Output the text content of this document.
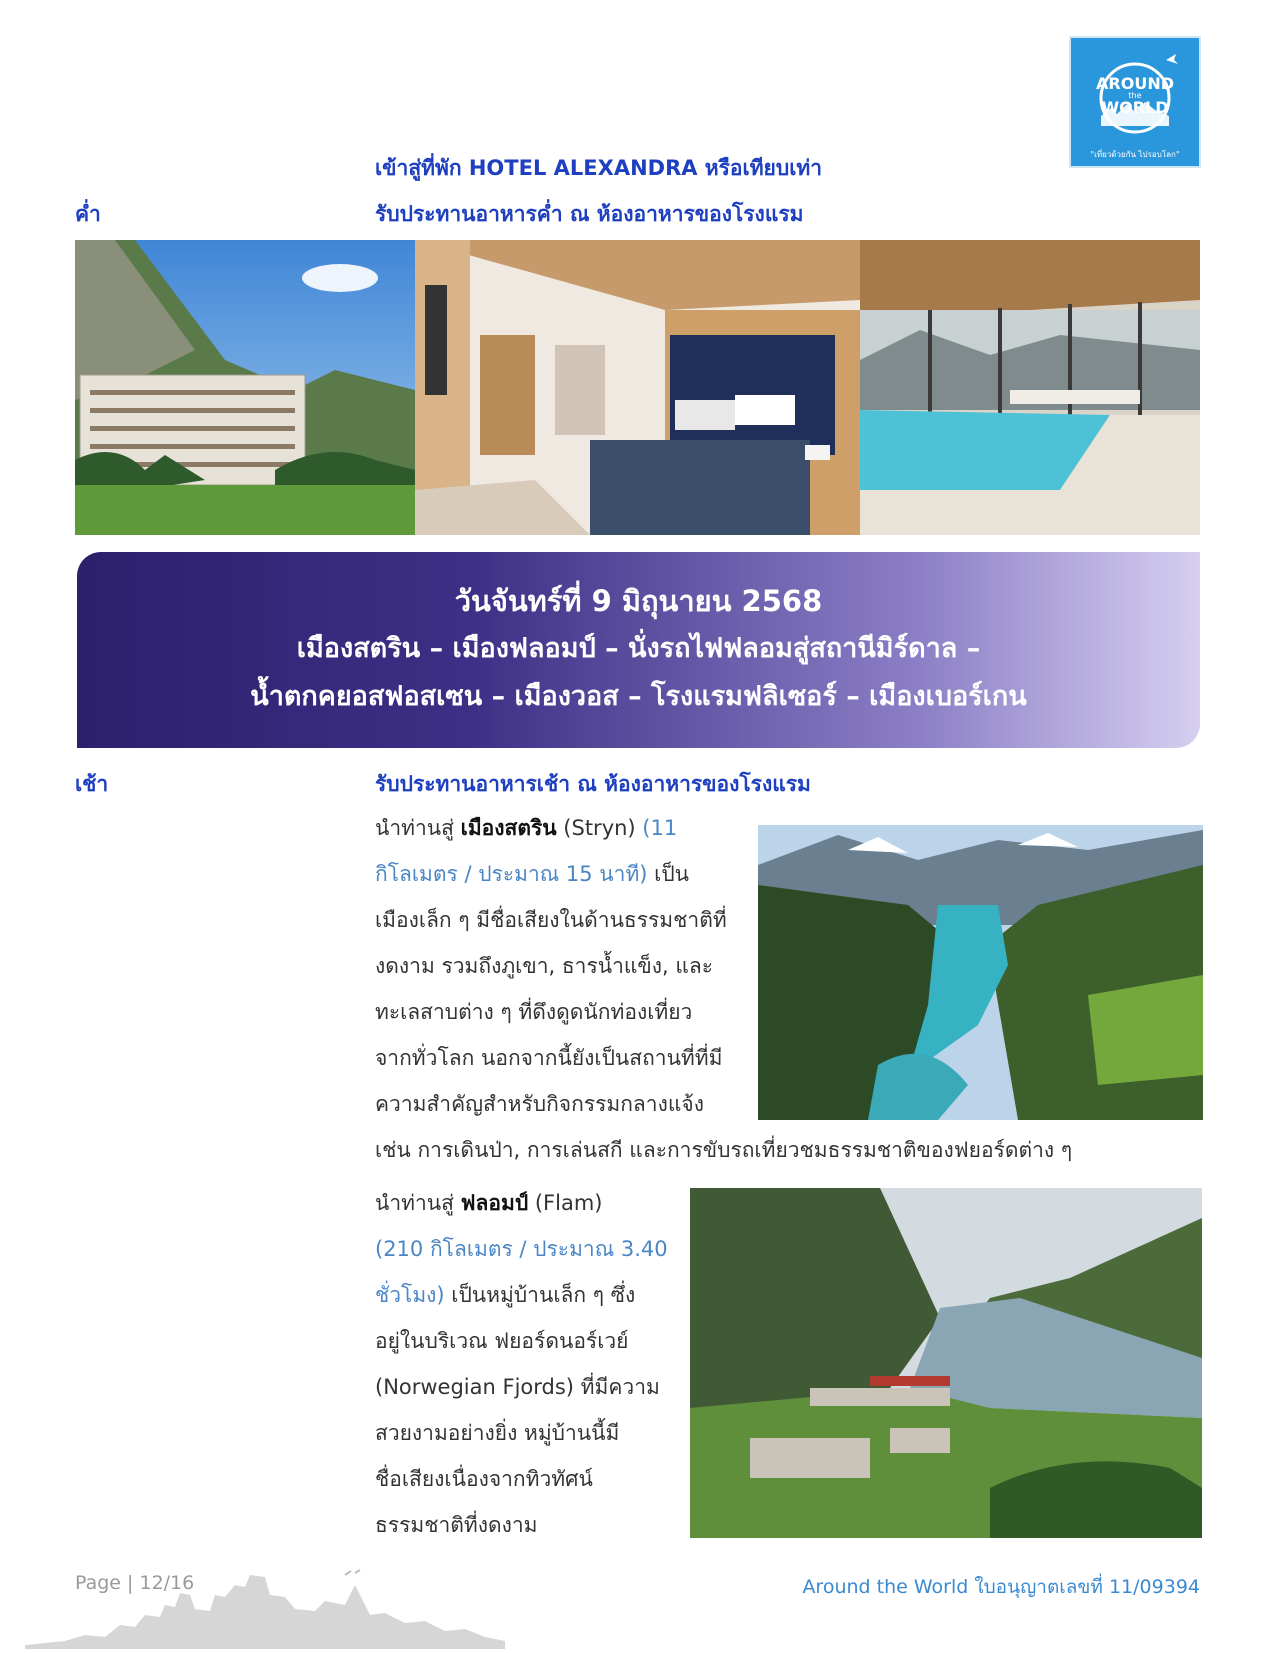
AROUND
the
WORLD
"เที่ยวด้วยกัน ไปรอบโลก"
เข้าสู่ที่พัก HOTEL ALEXANDRA หรือเทียบเท่า
ค่ำ	รับประทานอาหารค่ำ ณ ห้องอาหารของโรงแรม
วันจันทร์ที่ 9 มิถุนายน 2568
เมืองสตริน – เมืองฟลอมป์ – นั่งรถไฟฟลอมสู่สถานีมิร์ดาล –
น้ำตกคยอสฟอสเซน – เมืองวอส – โรงแรมฟลิเซอร์ – เมืองเบอร์เกน
เช้า	รับประทานอาหารเช้า ณ ห้องอาหารของโรงแรม
นำท่านสู่ เมืองสตริน (Stryn) (11
กิโลเมตร / ประมาณ 15 นาที) เป็น
เมืองเล็ก ๆ มีชื่อเสียงในด้านธรรมชาติที่
งดงาม รวมถึงภูเขา, ธารน้ำแข็ง, และ
ทะเลสาบต่าง ๆ ที่ดึงดูดนักท่องเที่ยว
จากทั่วโลก นอกจากนี้ยังเป็นสถานที่ที่มี
ความสำคัญสำหรับกิจกรรมกลางแจ้ง
เช่น การเดินป่า, การเล่นสกี และการขับรถเที่ยวชมธรรมชาติของฟยอร์ดต่าง ๆ
นำท่านสู่ ฟลอมป์ (Flam)
(210 กิโลเมตร / ประมาณ 3.40
ชั่วโมง) เป็นหมู่บ้านเล็ก ๆ ซึ่ง
อยู่ในบริเวณ ฟยอร์ดนอร์เวย์
(Norwegian Fjords) ที่มีความ
สวยงามอย่างยิ่ง หมู่บ้านนี้มี
ชื่อเสียงเนื่องจากทิวทัศน์
ธรรมชาติที่งดงาม
Page | 12/16	Around the World ใบอนุญาตเลขที่ 11/09394
